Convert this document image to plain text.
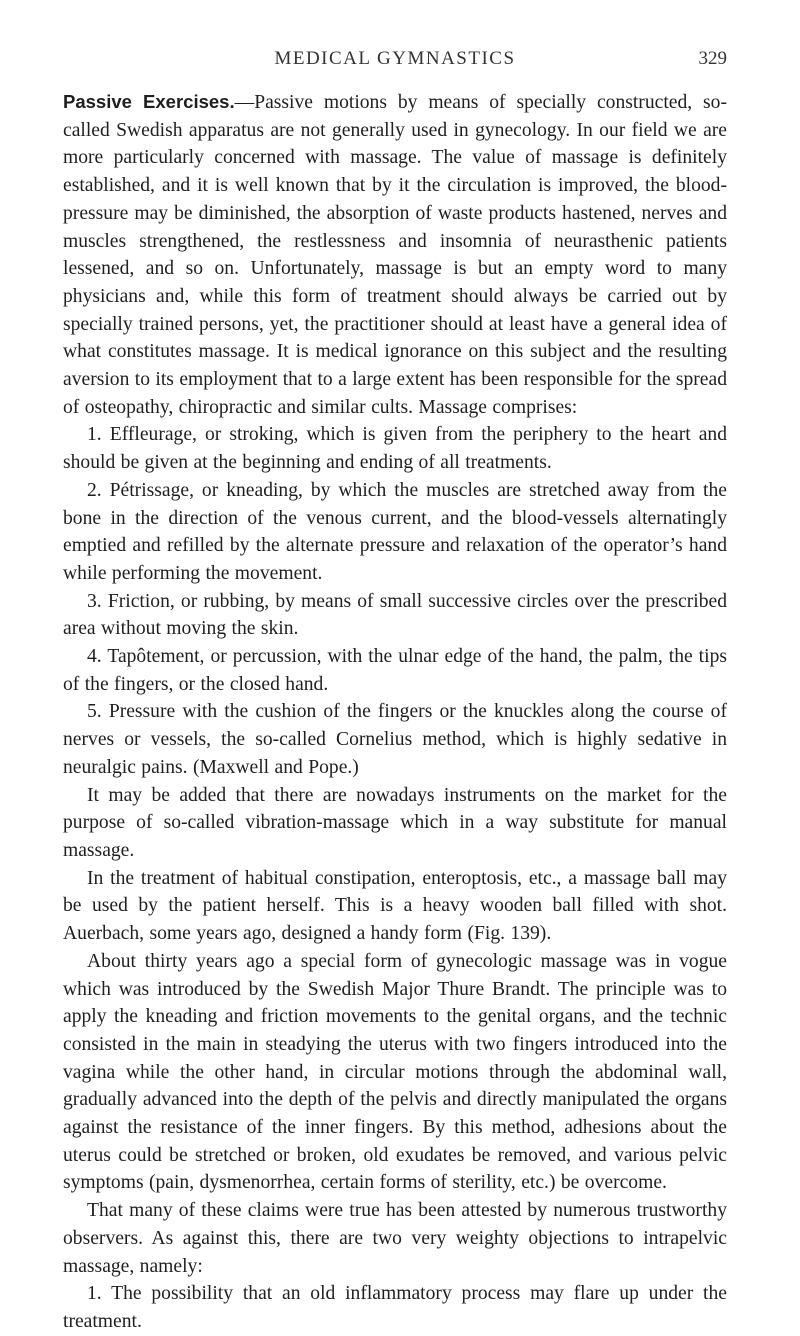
MEDICAL GYMNASTICS	329

Passive Exercises.—Passive motions by means of specially constructed, so-called Swedish apparatus are not generally used in gynecology. In our field we are more particularly concerned with massage. The value of massage is definitely established, and it is well known that by it the circulation is improved, the blood-pressure may be diminished, the absorption of waste products hastened, nerves and muscles strengthened, the restlessness and insomnia of neurasthenic patients lessened, and so on. Unfortunately, massage is but an empty word to many physicians and, while this form of treatment should always be carried out by specially trained persons, yet, the practitioner should at least have a general idea of what constitutes massage. It is medical ignorance on this subject and the resulting aversion to its employment that to a large extent has been responsible for the spread of osteopathy, chiropractic and similar cults. Massage comprises:

1. Effleurage, or stroking, which is given from the periphery to the heart and should be given at the beginning and ending of all treatments.

2. Pétrissage, or kneading, by which the muscles are stretched away from the bone in the direction of the venous current, and the blood-vessels alternatingly emptied and refilled by the alternate pressure and relaxation of the operator’s hand while performing the movement.

3. Friction, or rubbing, by means of small successive circles over the prescribed area without moving the skin.

4. Tapôtement, or percussion, with the ulnar edge of the hand, the palm, the tips of the fingers, or the closed hand.

5. Pressure with the cushion of the fingers or the knuckles along the course of nerves or vessels, the so-called Cornelius method, which is highly sedative in neuralgic pains. (Maxwell and Pope.)

It may be added that there are nowadays instruments on the market for the purpose of so-called vibration-massage which in a way substitute for manual massage.

In the treatment of habitual constipation, enteroptosis, etc., a massage ball may be used by the patient herself. This is a heavy wooden ball filled with shot. Auerbach, some years ago, designed a handy form (Fig. 139).

About thirty years ago a special form of gynecologic massage was in vogue which was introduced by the Swedish Major Thure Brandt. The principle was to apply the kneading and friction movements to the genital organs, and the technic consisted in the main in steadying the uterus with two fingers introduced into the vagina while the other hand, in circular motions through the abdominal wall, gradually advanced into the depth of the pelvis and directly manipulated the organs against the resistance of the inner fingers. By this method, adhesions about the uterus could be stretched or broken, old exudates be removed, and various pelvic symptoms (pain, dysmenorrhea, certain forms of sterility, etc.) be overcome.

That many of these claims were true has been attested by numerous trustworthy observers. As against this, there are two very weighty objections to intrapelvic massage, namely:

1. The possibility that an old inflammatory process may flare up under the treatment.
